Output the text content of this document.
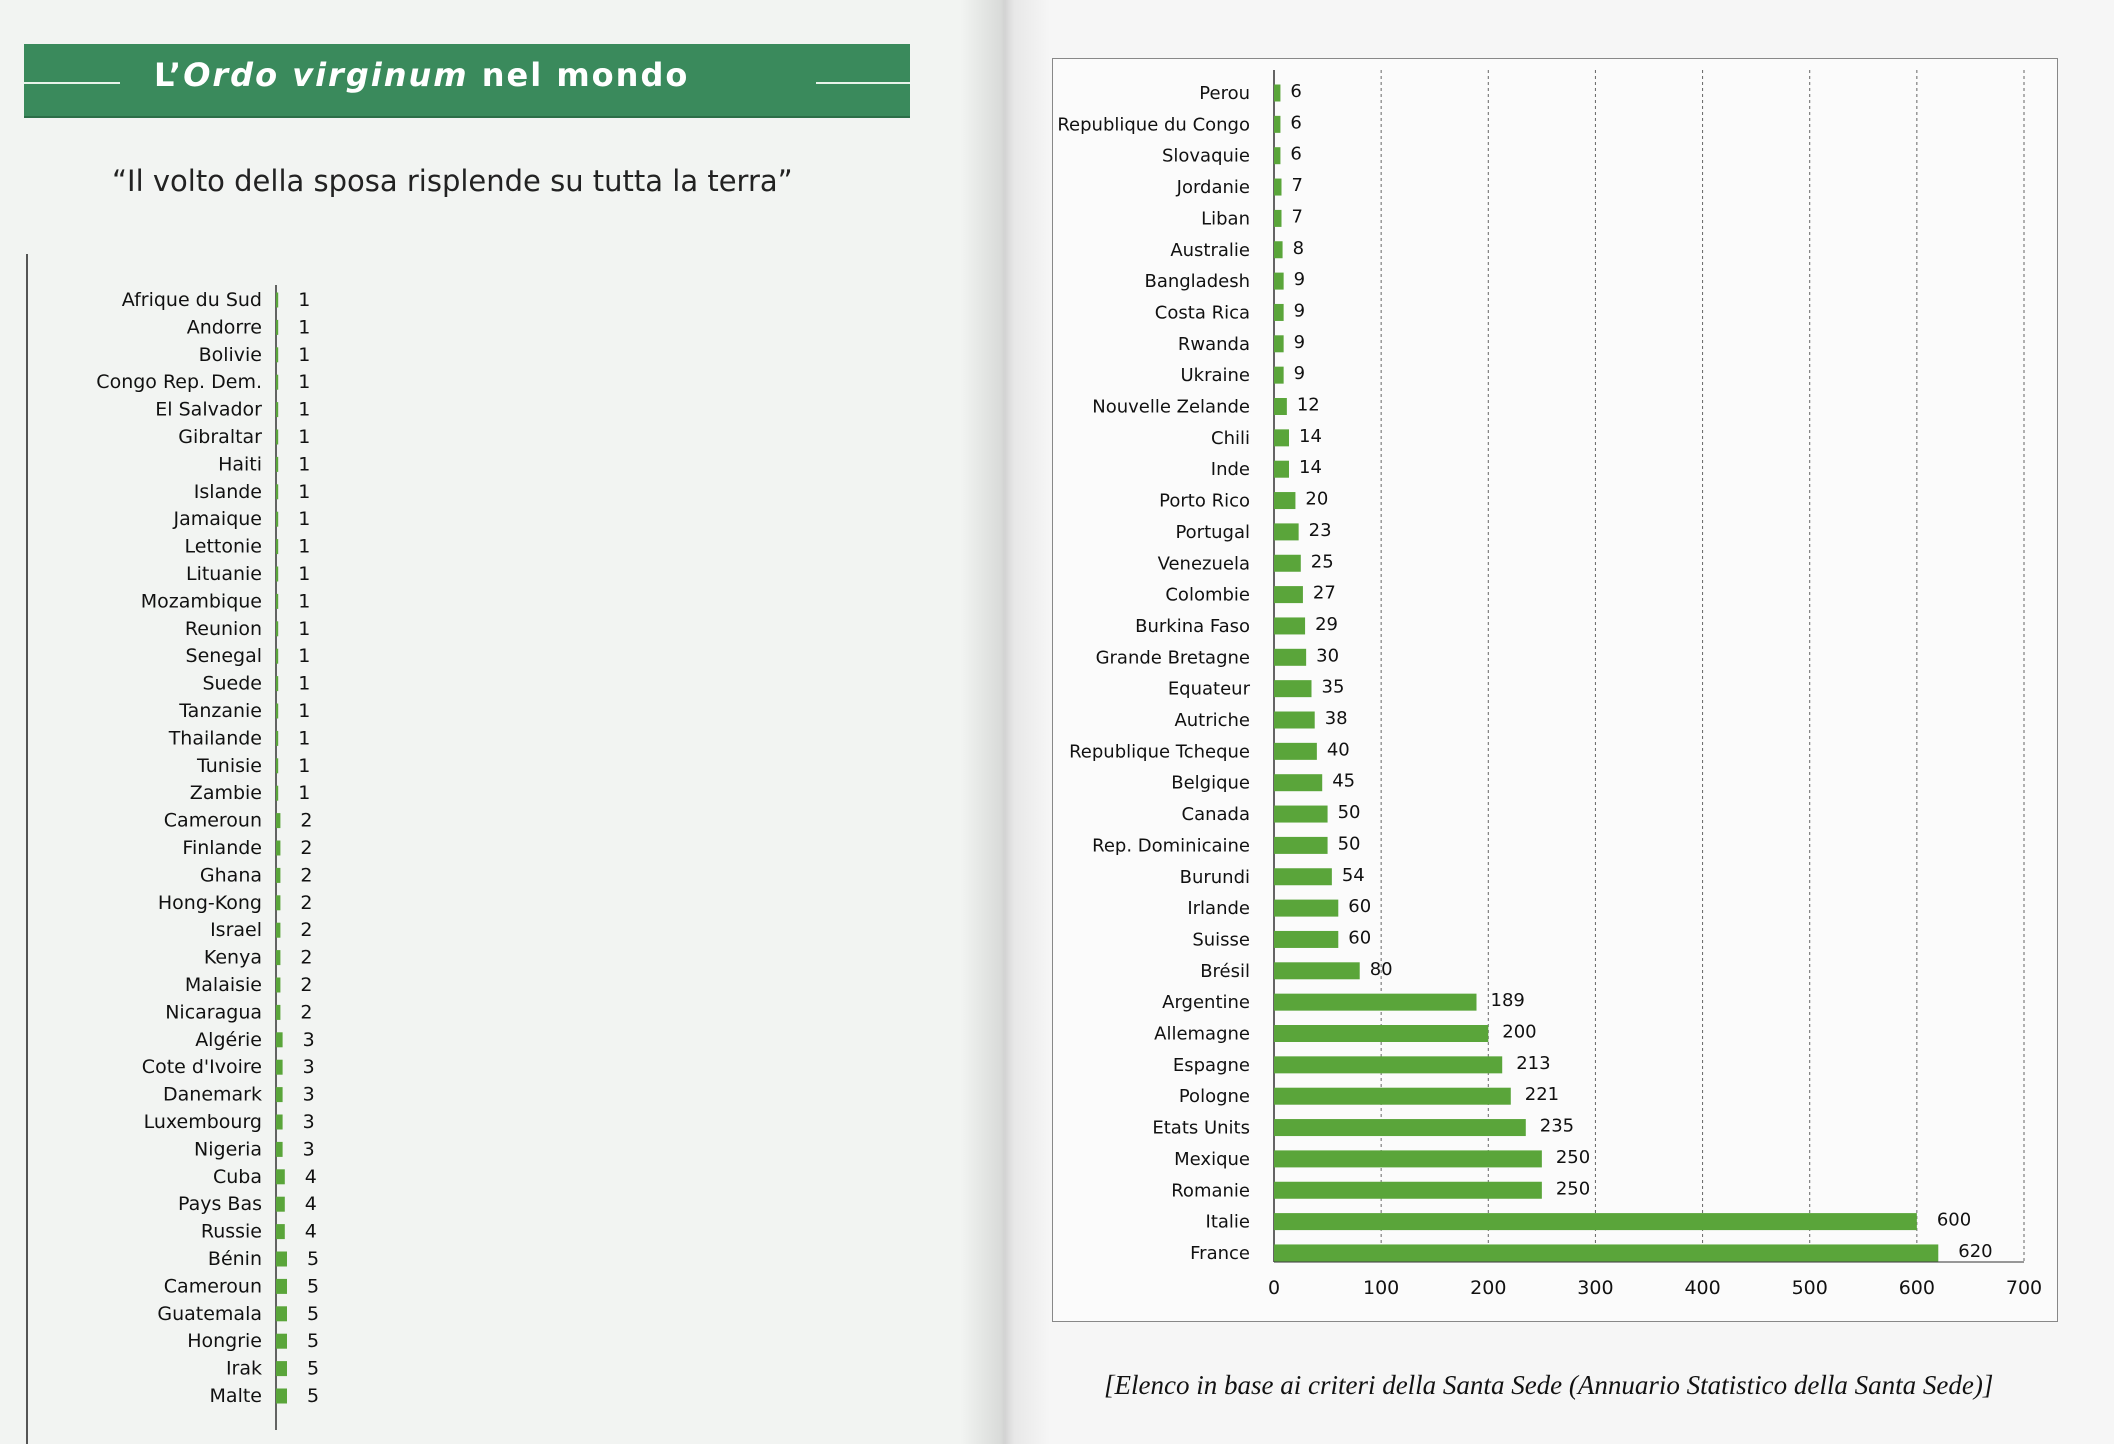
L’Ordo virginum nel mondo
“Il volto della sposa risplende su tutta la terra”
Afrique du Sud 1
Andorre 1
Bolivie 1
Congo Rep. Dem. 1
El Salvador 1
Gibraltar 1
Haiti 1
Islande 1
Jamaique 1
Lettonie 1
Lituanie 1
Mozambique 1
Reunion 1
Senegal 1
Suede 1
Tanzanie 1
Thailande 1
Tunisie 1
Zambie 1
Cameroun 2
Finlande 2
Ghana 2
Hong-Kong 2
Israel 2
Kenya 2
Malaisie 2
Nicaragua 2
Algérie 3
Cote d'Ivoire 3
Danemark 3
Luxembourg 3
Nigeria 3
Cuba 4
Pays Bas 4
Russie 4
Bénin 5
Cameroun 5
Guatemala 5
Hongrie 5
Irak 5
Malte 5
0	100	200	300	400	500	600	700
Perou 6
Republique du Congo 6
Slovaquie 6
Jordanie 7
Liban 7
Australie 8
Bangladesh 9
Costa Rica 9
Rwanda 9
Ukraine 9
Nouvelle Zelande	12
Chili	14
Inde	14
Porto Rico	20
Portugal	23
Venezuela	25
Colombie	27
Burkina Faso	29
Grande Bretagne	30
Equateur	35
Autriche	38
Republique Tcheque	40
Belgique	45
Canada	50
Rep. Dominicaine	50
Burundi	54
Irlande	60
Suisse	60
Brésil	80
Argentine	189
Allemagne	200
Espagne	213
Pologne	221
Etats Units	235
Mexique	250
Romanie	250
Italie	600
France	620
[Elenco in base ai criteri della Santa Sede (Annuario Statistico della Santa Sede)]
